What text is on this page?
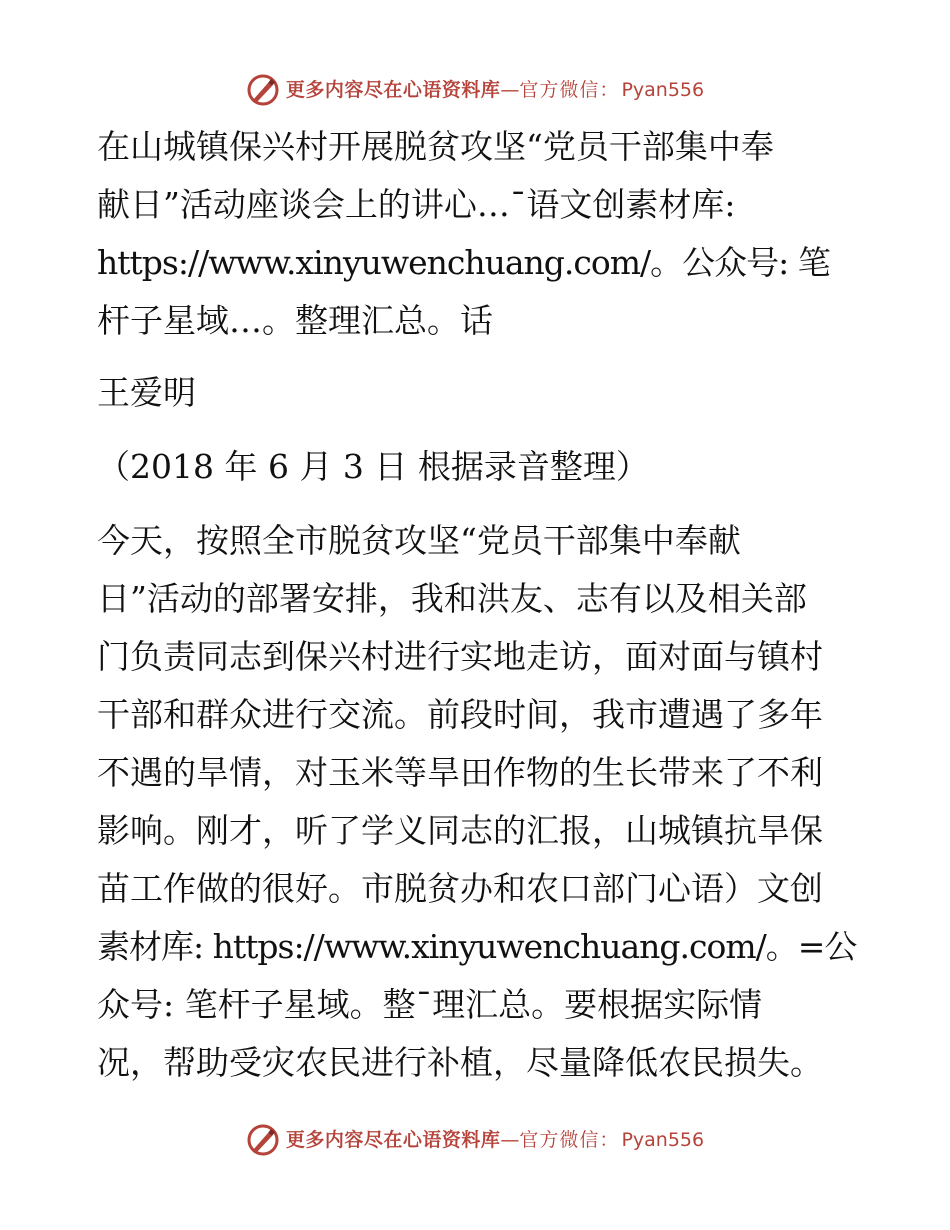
更多内容尽在心语资料库 — 官方微信： Pyan556
在山城镇保兴村开展脱贫攻坚“党员干部集中奉
献日”活动座谈会上的讲心…¯语文创素材库:
https://www.xinyuwenchuang.com/。公众号: 笔
杆子星域…。整理汇总。话
王爱明
（2018 年 6 月 3 日 根据录音整理）
今天，按照全市脱贫攻坚“党员干部集中奉献
日”活动的部署安排，我和洪友、志有以及相关部
门负责同志到保兴村进行实地走访，面对面与镇村
干部和群众进行交流。前段时间，我市遭遇了多年
不遇的旱情，对玉米等旱田作物的生长带来了不利
影响。刚才，听了学义同志的汇报，山城镇抗旱保
苗工作做的很好。市脱贫办和农口部门心语）文创
素材库: https://www.xinyuwenchuang.com/。=公
众号: 笔杆子星域。整¯理汇总。要根据实际情
况，帮助受灾农民进行补植，尽量降低农民损失。
更多内容尽在心语资料库 — 官方微信： Pyan556
